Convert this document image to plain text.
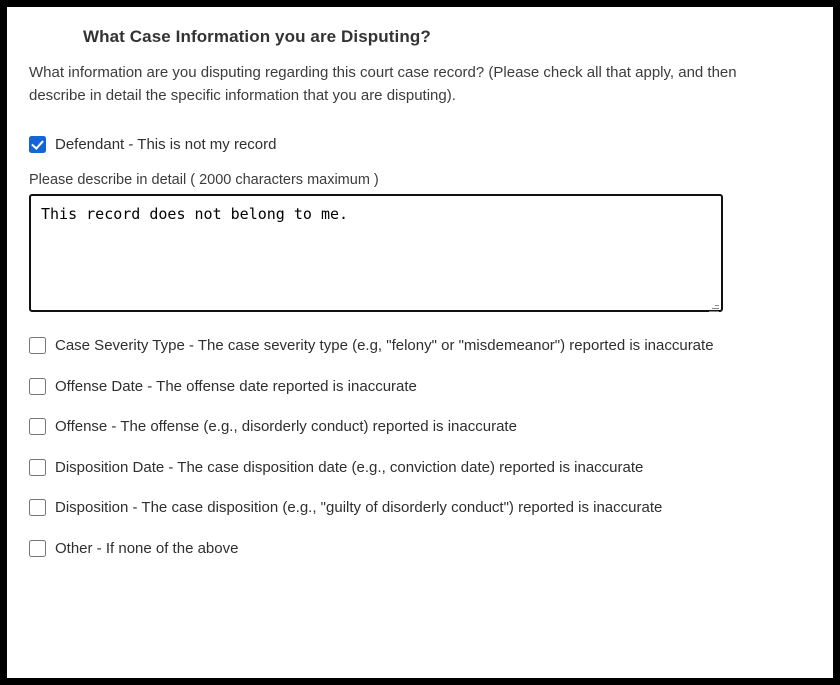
What Case Information you are Disputing?
What information are you disputing regarding this court case record? (Please check all that apply, and then describe in detail the specific information that you are disputing).
Defendant - This is not my record
Please describe in detail ( 2000 characters maximum )
This record does not belong to me.
Case Severity Type - The case severity type (e.g, "felony" or "misdemeanor") reported is inaccurate
Offense Date - The offense date reported is inaccurate
Offense - The offense (e.g., disorderly conduct) reported is inaccurate
Disposition Date - The case disposition date (e.g., conviction date) reported is inaccurate
Disposition - The case disposition (e.g., "guilty of disorderly conduct") reported is inaccurate
Other - If none of the above
